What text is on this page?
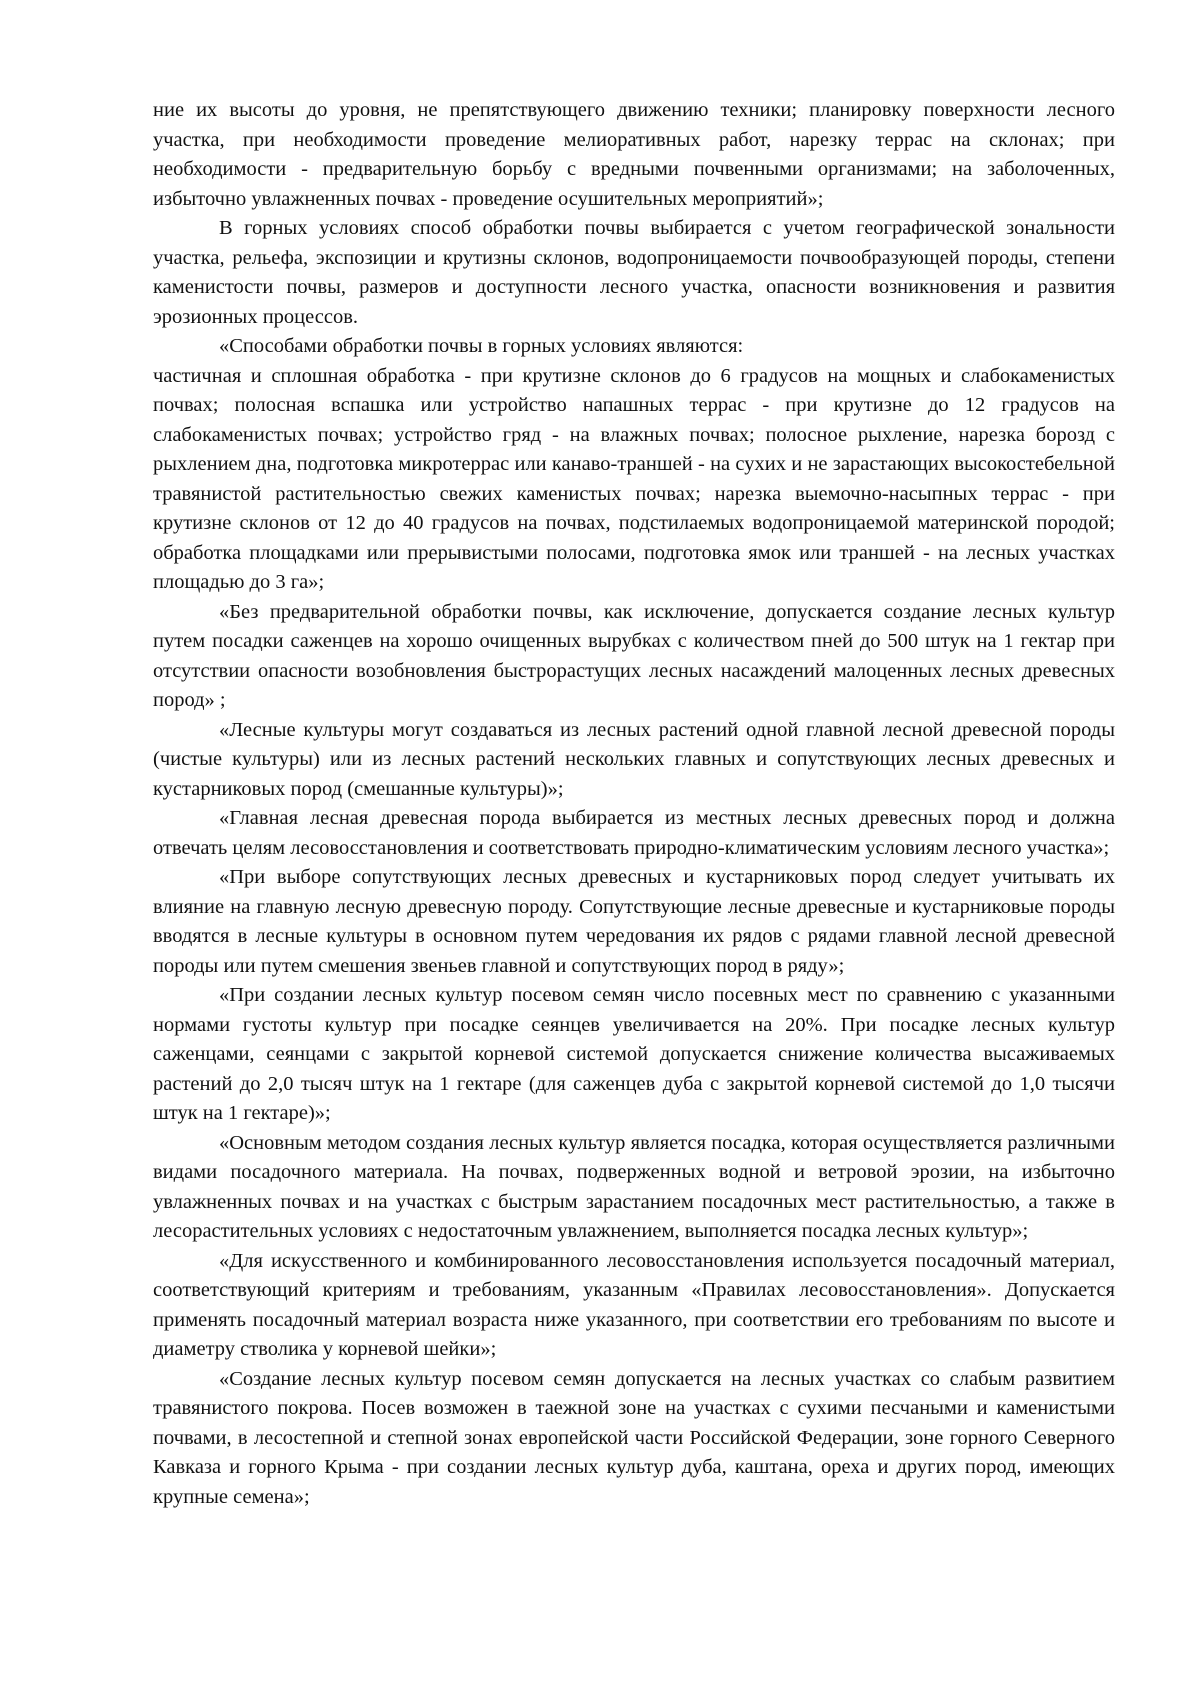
ние их высоты до уровня, не препятствующего движению техники; планировку поверхности лесного участка, при необходимости проведение мелиоративных работ, нарезку террас на склонах; при необходимости - предварительную борьбу с вредными почвенными организмами; на заболоченных, избыточно увлажненных почвах - проведение осушительных мероприятий»;

В горных условиях способ обработки почвы выбирается с учетом географической зональности участка, рельефа, экспозиции и крутизны склонов, водопроницаемости почвообразующей породы, степени каменистости почвы, размеров и доступности лесного участка, опасности возникновения и развития эрозионных процессов.

«Способами обработки почвы в горных условиях являются:

частичная и сплошная обработка - при крутизне склонов до 6 градусов на мощных и слабокаменистых почвах; полосная вспашка или устройство напашных террас - при крутизне до 12 градусов на слабокаменистых почвах; устройство гряд - на влажных почвах; полосное рыхление, нарезка борозд с рыхлением дна, подготовка микротеррас или канаво-траншей - на сухих и не зарастающих высокостебельной травянистой растительностью свежих каменистых почвах; нарезка выемочно-насыпных террас - при крутизне склонов от 12 до 40 градусов на почвах, подстилаемых водопроницаемой материнской породой; обработка площадками или прерывистыми полосами, подготовка ямок или траншей - на лесных участках площадью до 3 га»;

«Без предварительной обработки почвы, как исключение, допускается создание лесных культур путем посадки саженцев на хорошо очищенных вырубках с количеством пней до 500 штук на 1 гектар при отсутствии опасности возобновления быстрорастущих лесных насаждений малоценных лесных древесных пород» ;

«Лесные культуры могут создаваться из лесных растений одной главной лесной древесной породы (чистые культуры) или из лесных растений нескольких главных и сопутствующих лесных древесных и кустарниковых пород (смешанные культуры)»;

«Главная лесная древесная порода выбирается из местных лесных древесных пород и должна отвечать целям лесовосстановления и соответствовать природно-климатическим условиям лесного участка»;

«При выборе сопутствующих лесных древесных и кустарниковых пород следует учитывать их влияние на главную лесную древесную породу. Сопутствующие лесные древесные и кустарниковые породы вводятся в лесные культуры в основном путем чередования их рядов с рядами главной лесной древесной породы или путем смешения звеньев главной и сопутствующих пород в ряду»;

«При создании лесных культур посевом семян число посевных мест по сравнению с указанными нормами густоты культур при посадке сеянцев увеличивается на 20%. При посадке лесных культур саженцами, сеянцами с закрытой корневой системой допускается снижение количества высаживаемых растений до 2,0 тысяч штук на 1 гектаре (для саженцев дуба с закрытой корневой системой до 1,0 тысячи штук на 1 гектаре)»;

«Основным методом создания лесных культур является посадка, которая осуществляется различными видами посадочного материала. На почвах, подверженных водной и ветровой эрозии, на избыточно увлажненных почвах и на участках с быстрым зарастанием посадочных мест растительностью, а также в лесорастительных условиях с недостаточным увлажнением, выполняется посадка лесных культур»;

«Для искусственного и комбинированного лесовосстановления используется посадочный материал, соответствующий критериям и требованиям, указанным «Правилах лесовосстановления». Допускается применять посадочный материал возраста ниже указанного, при соответствии его требованиям по высоте и диаметру стволика у корневой шейки»;

«Создание лесных культур посевом семян допускается на лесных участках со слабым развитием травянистого покрова. Посев возможен в таежной зоне на участках с сухими песчаными и каменистыми почвами, в лесостепной и степной зонах европейской части Российской Федерации, зоне горного Северного Кавказа и горного Крыма - при создании лесных культур дуба, каштана, ореха и других пород, имеющих крупные семена»;
